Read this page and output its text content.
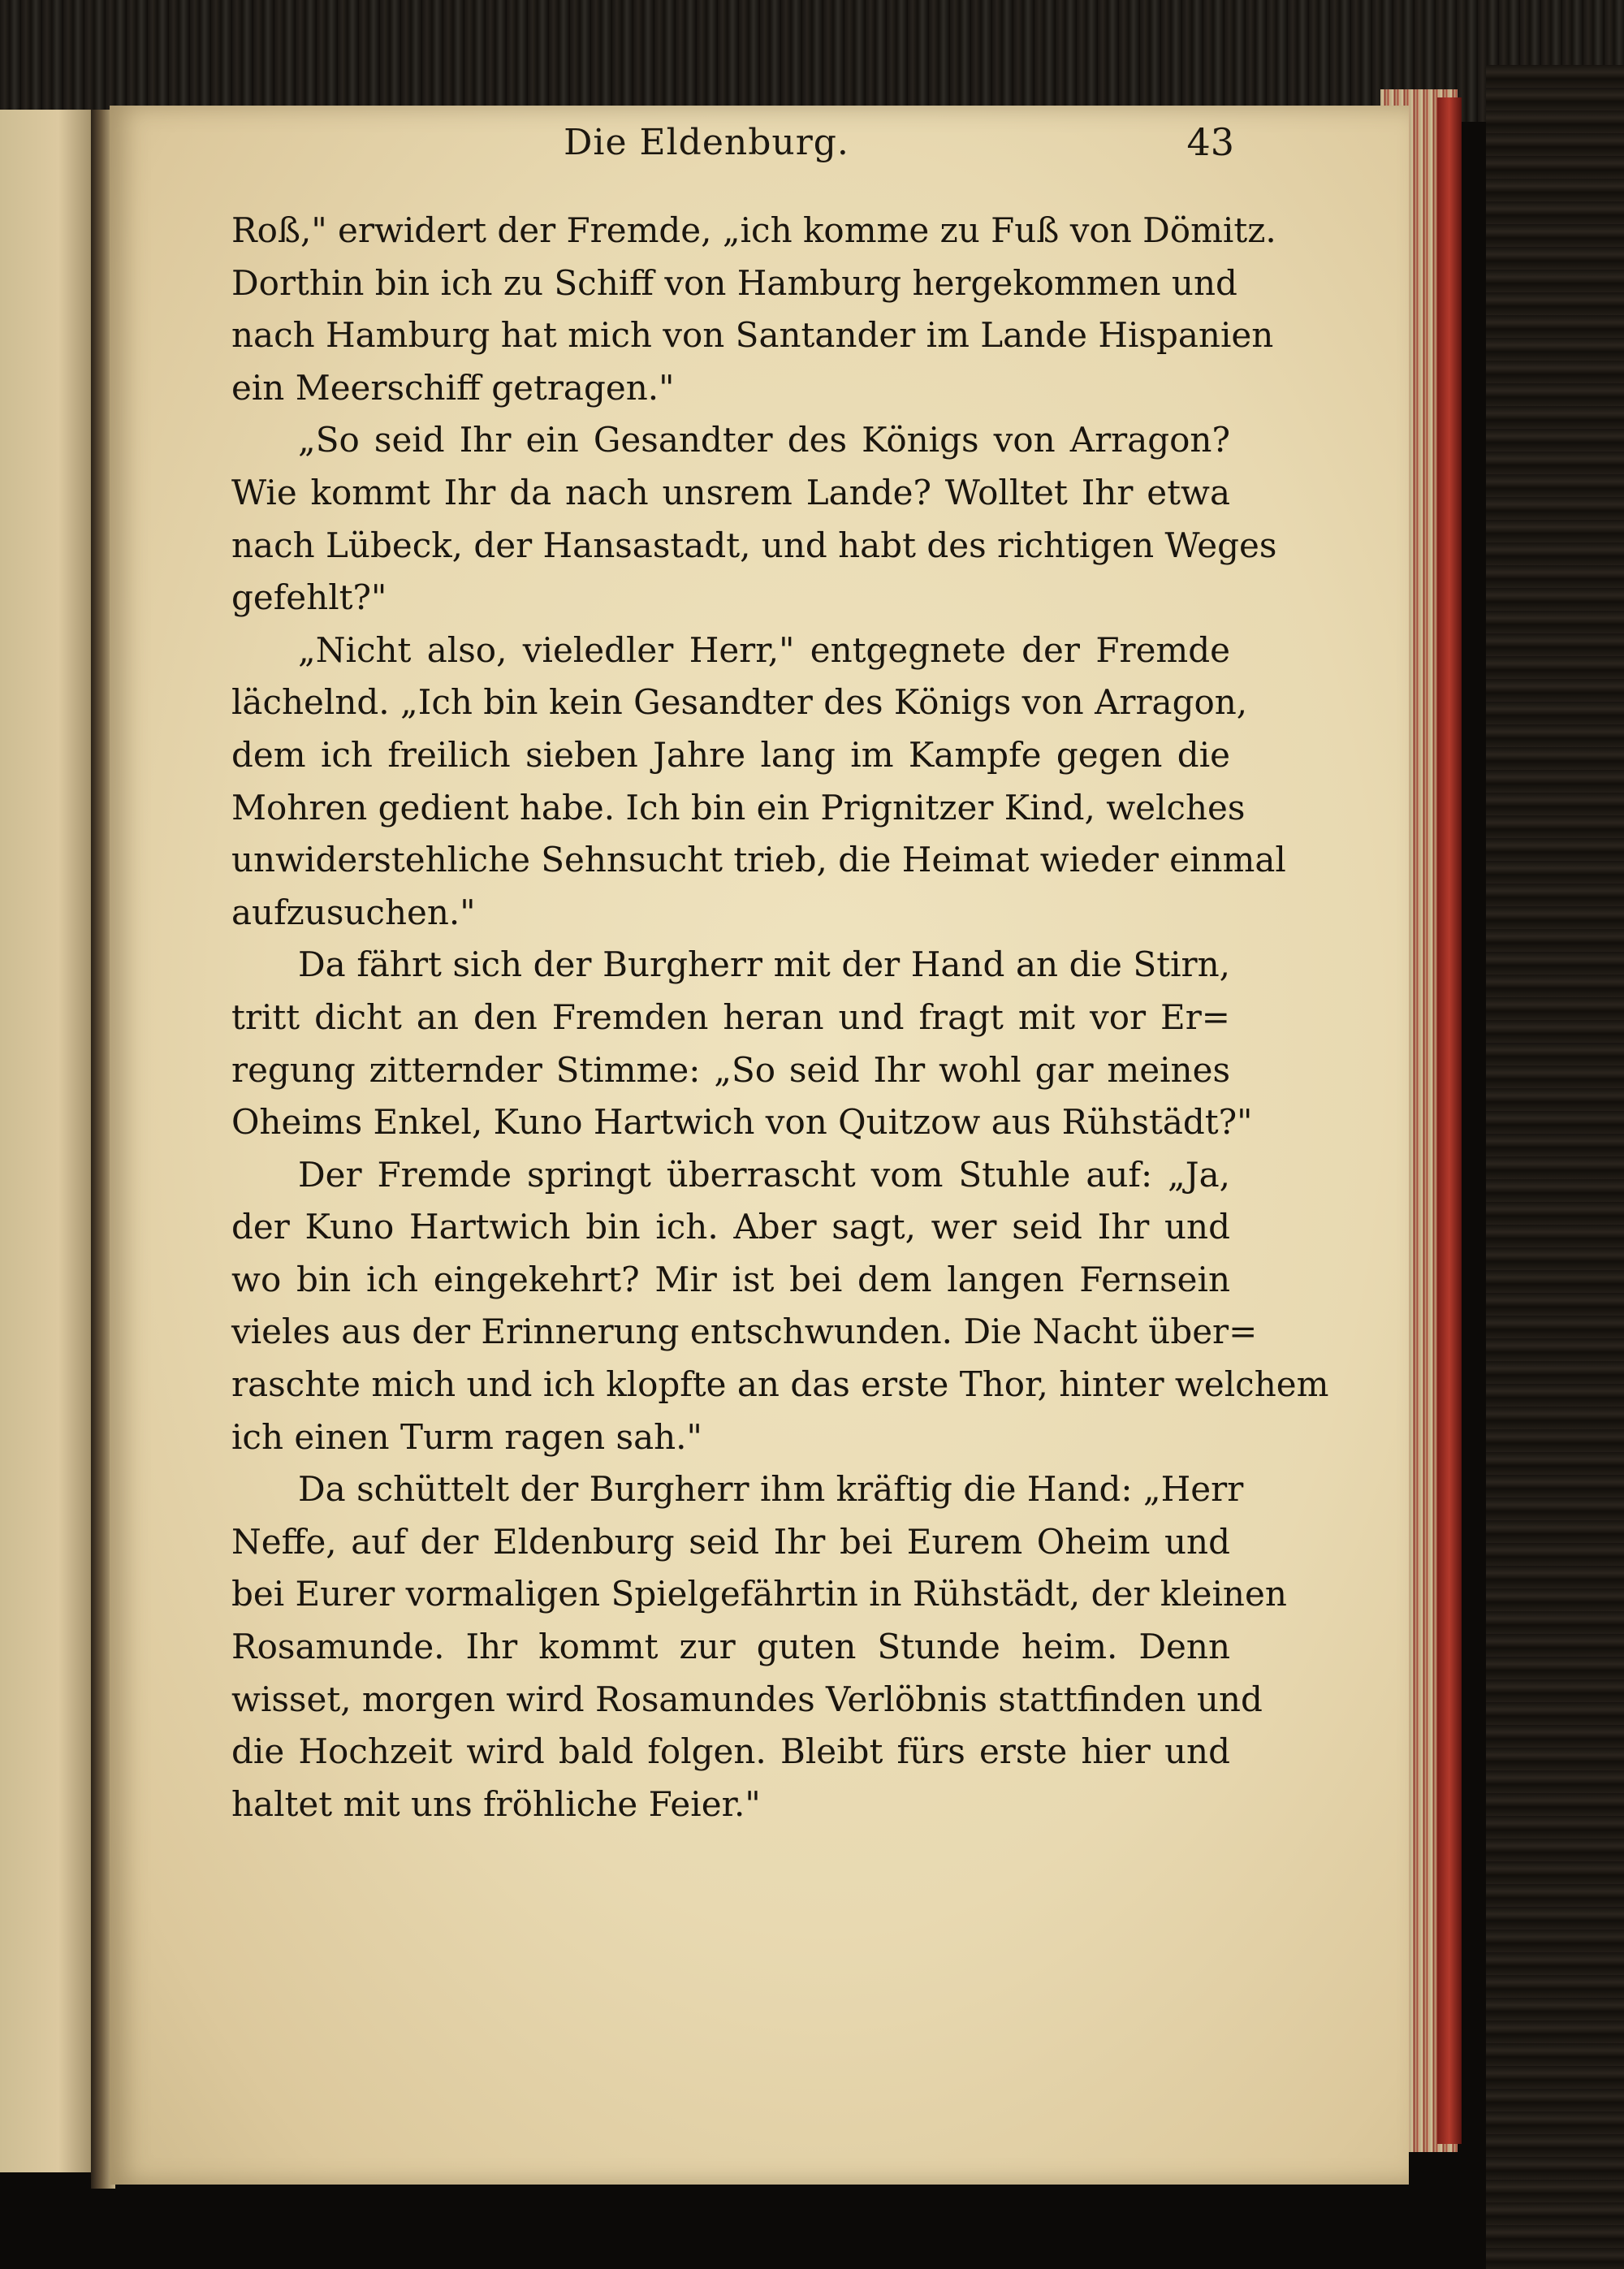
Die Eldenburg.	43
Roß," erwidert der Fremde, „ich komme zu Fuß von Dömitz.
Dorthin bin ich zu Schiff von Hamburg hergekommen und
nach Hamburg hat mich von Santander im Lande Hispanien
ein Meerschiff getragen."
„So seid Ihr ein Gesandter des Königs von Arragon?
Wie kommt Ihr da nach unsrem Lande? Wolltet Ihr etwa
nach Lübeck, der Hansastadt, und habt des richtigen Weges
gefehlt?"
„Nicht also, vieledler Herr," entgegnete der Fremde
lächelnd. „Ich bin kein Gesandter des Königs von Arragon,
dem ich freilich sieben Jahre lang im Kampfe gegen die
Mohren gedient habe. Ich bin ein Prignitzer Kind, welches
unwiderstehliche Sehnsucht trieb, die Heimat wieder einmal
aufzusuchen."
Da fährt sich der Burgherr mit der Hand an die Stirn,
tritt dicht an den Fremden heran und fragt mit vor Er=
regung zitternder Stimme: „So seid Ihr wohl gar meines
Oheims Enkel, Kuno Hartwich von Quitzow aus Rühstädt?"
Der Fremde springt überrascht vom Stuhle auf: „Ja,
der Kuno Hartwich bin ich. Aber sagt, wer seid Ihr und
wo bin ich eingekehrt? Mir ist bei dem langen Fernsein
vieles aus der Erinnerung entschwunden. Die Nacht über=
raschte mich und ich klopfte an das erste Thor, hinter welchem
ich einen Turm ragen sah."
Da schüttelt der Burgherr ihm kräftig die Hand: „Herr
Neffe, auf der Eldenburg seid Ihr bei Eurem Oheim und
bei Eurer vormaligen Spielgefährtin in Rühstädt, der kleinen
Rosamunde. Ihr kommt zur guten Stunde heim. Denn
wisset, morgen wird Rosamundes Verlöbnis stattfinden und
die Hochzeit wird bald folgen. Bleibt fürs erste hier und
haltet mit uns fröhliche Feier."
